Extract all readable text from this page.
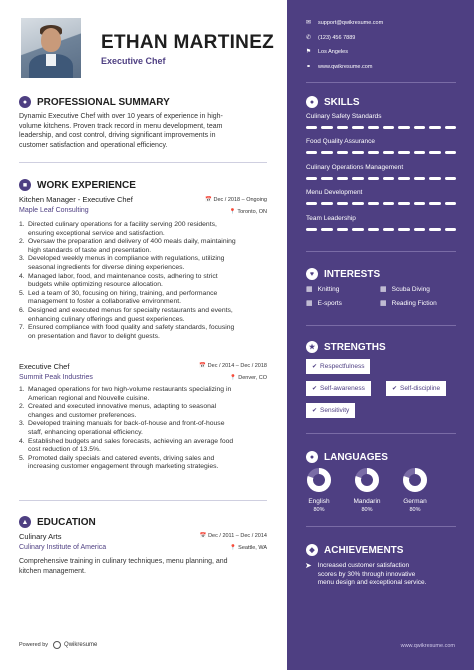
ETHAN MARTINEZ
Executive Chef
● PROFESSIONAL SUMMARY
Dynamic Executive Chef with over 10 years of experience in high-
volume kitchens. Proven track record in menu development, team
leadership, and cost control, driving significant improvements in
customer satisfaction and operational efficiency.
■ WORK EXPERIENCE
Kitchen Manager - Executive Chef	📅 Dec / 2018 – Ongoing
Maple Leaf Consulting	📍 Toronto, ON
1. Directed culinary operations for a facility serving 200 residents,
ensuring exceptional service and satisfaction.
2. Oversaw the preparation and delivery of 400 meals daily, maintaining
high standards of taste and presentation.
3. Developed weekly menus in compliance with regulations, utilizing
seasonal ingredients for diverse dining experiences.
4. Managed labor, food, and maintenance costs, adhering to strict
budgets while optimizing resource allocation.
5. Led a team of 30, focusing on hiring, training, and performance
management to foster a collaborative environment.
6. Designed and executed menus for specialty restaurants and events,
enhancing culinary offerings and guest experiences.
7. Ensured compliance with food quality and safety standards, focusing
on presentation and flavor to delight guests.
Executive Chef	📅 Dec / 2014 – Dec / 2018
Summit Peak Industries	📍 Denver, CO
1. Managed operations for two high-volume restaurants specializing in
American regional and Nouvelle cuisine.
2. Created and executed innovative menus, adapting to seasonal
changes and customer preferences.
3. Developed training manuals for back-of-house and front-of-house
staff, enhancing operational efficiency.
4. Established budgets and sales forecasts, achieving an average food
cost reduction of 13.5%.
5. Promoted daily specials and catered events, driving sales and
increasing customer engagement through marketing strategies.
▲ EDUCATION
Culinary Arts	📅 Dec / 2011 – Dec / 2014
Culinary Institute of America	📍 Seattle, WA
Comprehensive training in culinary techniques, menu planning, and
kitchen management.
Powered by	Qwikresume
✉ support@qwikresume.com
✆ (123) 456 7889
⚑ Los Angeles
⚭ www.qwikresume.com
● SKILLS
Culinary Safety Standards
Food Quality Assurance
Culinary Operations Management
Menu Development
Team Leadership
♥ INTERESTS
▦ Knitting	▦ Scuba Diving
▦ E-sports	▦ Reading Fiction
★ STRENGTHS
✔ Respectfulness
✔ Self-awareness	✔ Self-discipline
✔ Sensitivity
● LANGUAGES
English
80%
Mandarin
80%
German
80%
◆ ACHIEVEMENTS
➤ Increased customer satisfaction
scores by 30% through innovative
menu design and exceptional service.
www.qwikresume.com
